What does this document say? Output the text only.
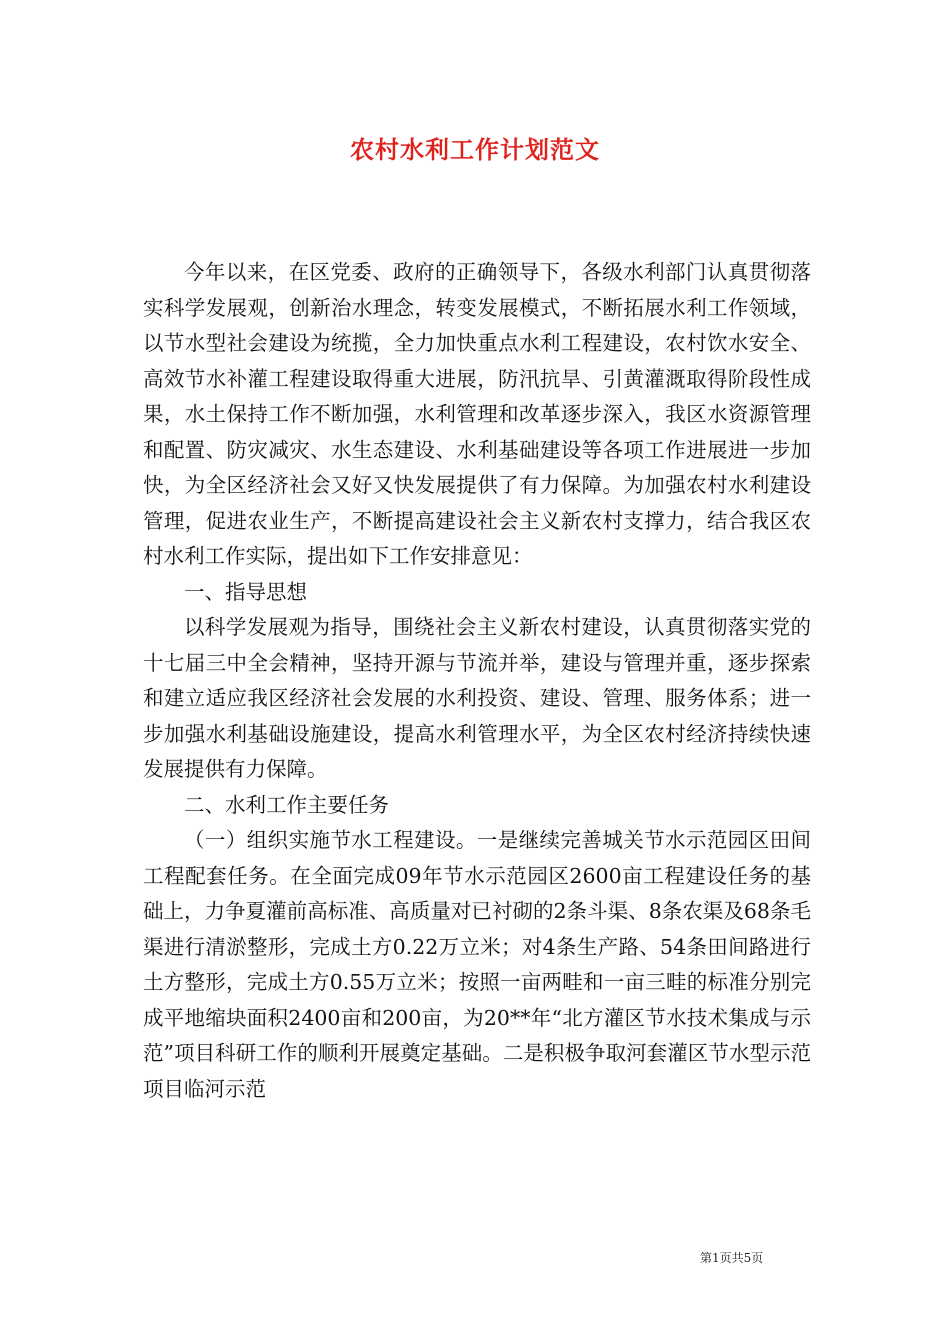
农村水利工作计划范文

今年以来，在区党委、政府的正确领导下，各级水利部门认真贯彻落实科学发展观，创新治水理念，转变发展模式，不断拓展水利工作领域，以节水型社会建设为统揽，全力加快重点水利工程建设，农村饮水安全、高效节水补灌工程建设取得重大进展，防汛抗旱、引黄灌溉取得阶段性成果，水土保持工作不断加强，水利管理和改革逐步深入，我区水资源管理和配置、防灾减灾、水生态建设、水利基础建设等各项工作进展进一步加快，为全区经济社会又好又快发展提供了有力保障。为加强农村水利建设管理，促进农业生产，不断提高建设社会主义新农村支撑力，结合我区农村水利工作实际，提出如下工作安排意见：

一、指导思想

以科学发展观为指导，围绕社会主义新农村建设，认真贯彻落实党的十七届三中全会精神，坚持开源与节流并举，建设与管理并重，逐步探索和建立适应我区经济社会发展的水利投资、建设、管理、服务体系；进一步加强水利基础设施建设，提高水利管理水平，为全区农村经济持续快速发展提供有力保障。

二、水利工作主要任务

（一）组织实施节水工程建设。一是继续完善城关节水示范园区田间工程配套任务。在全面完成09年节水示范园区2600亩工程建设任务的基础上，力争夏灌前高标准、高质量对已衬砌的2条斗渠、8条农渠及68条毛渠进行清淤整形，完成土方0.22万立米；对4条生产路、54条田间路进行土方整形，完成土方0.55万立米；按照一亩两畦和一亩三畦的标准分别完成平地缩块面积2400亩和200亩，为20**年“北方灌区节水技术集成与示范”项目科研工作的顺利开展奠定基础。二是积极争取河套灌区节水型示范项目临河示范

第1页共5页
